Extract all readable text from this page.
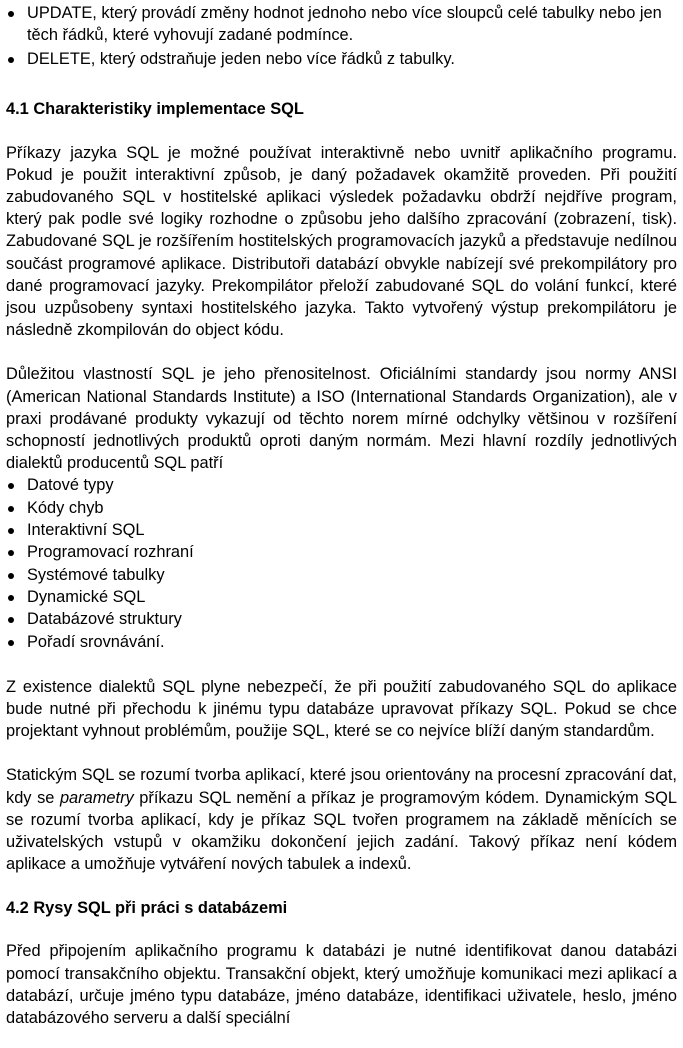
UPDATE, který provádí změny hodnot jednoho nebo více sloupců celé tabulky nebo jen těch řádků, které vyhovují zadané podmínce.
DELETE, který odstraňuje jeden nebo více řádků z tabulky.
4.1 Charakteristiky implementace SQL

Příkazy jazyka SQL je možné používat interaktivně nebo uvnitř aplikačního programu. Pokud je použit interaktivní způsob, je daný požadavek okamžitě proveden. Při použití zabudovaného SQL v hostitelské aplikaci výsledek požadavku obdrží nejdříve program, který pak podle své logiky rozhodne o způsobu jeho dalšího zpracování (zobrazení, tisk). Zabudované SQL je rozšířením hostitelských programovacích jazyků a představuje nedílnou součást programové aplikace. Distributoři databází obvykle nabízejí své prekompilátory pro dané programovací jazyky. Prekompilátor přeloží zabudované SQL do volání funkcí, které jsou uzpůsobeny syntaxi hostitelského jazyka. Takto vytvořený výstup prekompilátoru je následně zkompilován do object kódu.

Důležitou vlastností SQL je jeho přenositelnost. Oficiálními standardy jsou normy ANSI (American National Standards Institute) a ISO (International Standards Organization), ale v praxi prodávané produkty vykazují od těchto norem mírné odchylky většinou v rozšíření schopností jednotlivých produktů oproti daným normám. Mezi hlavní rozdíly jednotlivých dialektů producentů SQL patří

Datové typy
Kódy chyb
Interaktivní SQL
Programovací rozhraní
Systémové tabulky
Dynamické SQL
Databázové struktury
Pořadí srovnávání.

Z existence dialektů SQL plyne nebezpečí, že při použití zabudovaného SQL do aplikace bude nutné při přechodu k jinému typu databáze upravovat příkazy SQL. Pokud se chce projektant vyhnout problémům, použije SQL, které se co nejvíce blíží daným standardům.

Statickým SQL se rozumí tvorba aplikací, které jsou orientovány na procesní zpracování dat, kdy se parametry příkazu SQL nemění a příkaz je programovým kódem. Dynamickým SQL se rozumí tvorba aplikací, kdy je příkaz SQL tvořen programem na základě měnících se uživatelských vstupů v okamžiku dokončení jejich zadání. Takový příkaz není kódem aplikace a umožňuje vytváření nových tabulek a indexů.

4.2 Rysy SQL při práci s databázemi

Před připojením aplikačního programu k databázi je nutné identifikovat danou databázi pomocí transakčního objektu. Transakční objekt, který umožňuje komunikaci mezi aplikací a databází, určuje jméno typu databáze, jméno databáze, identifikaci uživatele, heslo, jméno databázového serveru a další speciální
